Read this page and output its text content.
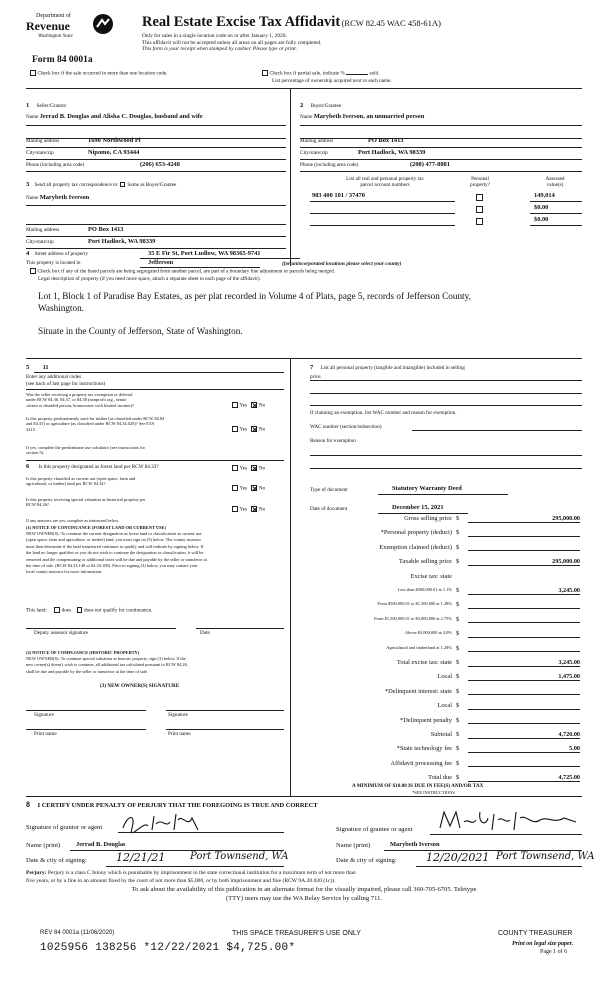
Department of
Revenue
Washington State
Form 84 0001a
Real Estate Excise Tax Affidavit (RCW 82.45 WAC 458-61A)
Only for sales in a single location code on or after January 1, 2020.
This affidavit will not be accepted unless all areas on all pages are fully completed.
This form is your receipt when stamped by cashier. Please type or print.
Check box if the sale occurred in more than one location code.	Check box if partial sale, indicate %	sold.
List percentage of ownership acquired next to each name.
1 Seller/Grantor
Name Jerrad B. Douglas and Alisha C. Douglas, husband and wife
Mailing address	1690 Northwood Pl
City/state/zip	Nipomo, CA 93444
Phone (including area code)	(206) 653-4248
2 Buyer/Grantee
Name Marybeth Iverson, an unmarried person
Mailing address	PO Box 1413
City/state/zip	Port Hadlock, WA 98339
Phone (including area code)	(208) 477-8081
List all real and personal property tax
parcel account numbers
Personal
property?
Assessed
value(s)
983 400 101 / 37470	149,014
$0.00
$0.00
3 Send all property tax correspondence to: Same as Buyer/Grantee
Name Marybeth Iverson
Mailing address	PO Box 1413
City/state/zip	Port Hadlock, WA 98339
4 Street address of property	35 E Fir St, Port Ludlow, WA 98365-9741
This property is located in	Jefferson	(for unincorporated locations please select your county)
Check box if any of the listed parcels are being segregated from another parcel, are part of a boundary line adjustment or parcels being merged.
Legal description of property (if you need more space, attach a separate sheet to each page of the affidavit).
Lot 1, Block 1 of Paradise Bay Estates, as per plat recorded in Volume 4 of Plats, page 5, records of Jefferson County,
Washington.
Situate in the County of Jefferson, State of Washington.
5 11
Enter any additional codes
(see back of last page for instructions)
Was the seller receiving a property tax exemption or deferral
under RCW 84.36, 84.37, or 84.38 (nonprofit org., senior
citizen or disabled person, homeowner with limited income)?	Yes No
Is this property predominantly used for timber (as classified under RCW 84.84
and 84.33) or agriculture (as classified under RCW 84.34.020)? See ETA
3215.	Yes No
If yes, complete the predominate use calculator (see instructions for
section 5).
6 Is this property designated as forest land per RCW 84.33?	Yes No
Is this property classified as current use (open space, farm and
agricultural, or timber) land per RCW 84.34?
Yes No
Is this property receiving special valuation as historical property per
RCW 84.26?
Yes No
If any answers are yes, complete as instructed below.
(1) NOTICE OF CONTINUANCE (FOREST LAND OR CURRENT USE)
NEW OWNER(S): To continue the current designation as forest land or classification as current use
(open space, farm and agriculture, or timber) land, you must sign on (3) below. The county assessor
must then determine if the land transferred continues to qualify and will indicate by signing below. If
the land no longer qualifies or you do not wish to continue the designation or classification, it will be
removed and the compensating or additional taxes will be due and payable by the seller or transferor at
the time of sale. (RCW 84.33.140 or 84.34.108). Prior to signing (3) below, you may contact your
local county assessor for more information.
This land:	does does not qualify for continuance.
Deputy assessor signature	Date
(2) NOTICE OF COMPLIANCE (HISTORIC PROPERTY)
NEW OWNER(S): To continue special valuation as historic property, sign (3) below. If the
new owner(s) doesn't wish to continue, all additional tax calculated pursuant to RCW 84.26,
shall be due and payable by the seller or transferor at the time of sale.
(3) NEW OWNER(S) SIGNATURE
Signature	Signature
Print name	Print name
7 List all personal property (tangible and intangible) included in selling
price.
If claiming an exemption, list WAC number and reason for exemption.
WAC number (section/subsection)
Reason for exemption
Type of document	Statutory Warranty Deed
Date of document	December 15, 2021
Gross selling price $	295,000.00
*Personal property (deduct) $
Exemption claimed (deduct) $
Taxable selling price $	295,000.00
Excise tax: state
Less than $500,000.01 at 1.1% $	3,245.00
From $500,000.01 to $1,500,000 at 1.28% $
From $1,500,000.01 to $3,000,000 at 2.75% $
Above $3,000,000 at 3.0% $
Agricultural and timberland at 1.28% $
Total excise tax: state $	3,245.00
Local $	1,475.00
*Delinquent interest: state $
Local $
*Delinquent penalty $
Subtotal $	4,720.00
*State technology fee $	5.00
Affidavit processing fee $
Total due $	4,725.00
A MINIMUM OF $10.00 IS DUE IN FEE(S) AND/OR TAX
*SEE INSTRUCTIONS
8 I CERTIFY UNDER PENALTY OF PERJURY THAT THE FOREGOING IS TRUE AND CORRECT
Signature of grantor or agent
Name (print) Jerrad B. Douglas
Date & city of signing:	12/21/21 Port Townsend, WA
Signature of grantee or agent
Name (print)	Marybeth Iverson
Date & city of signing:	12/20/2021 Port Townsend, WA
Perjury: Perjury is a class C felony which is punishable by imprisonment in the state correctional institution for a maximum term of not more than
five years, or by a fine in an amount fixed by the court of not more than $5,000, or by both imprisonment and fine (RCW 9A.20.020 (1c)).
To ask about the availability of this publication in an alternate format for the visually impaired, please call 360-705-6705. Teletype
(TTY) users may use the WA Relay Service by calling 711.
REV 84 0001a (11/06/2020)	THIS SPACE TREASURER'S USE ONLY	COUNTY TREASURER
1025956 138256 *12/22/2021 $4,725.00*	Print on legal size paper.
Page 1 of 6
